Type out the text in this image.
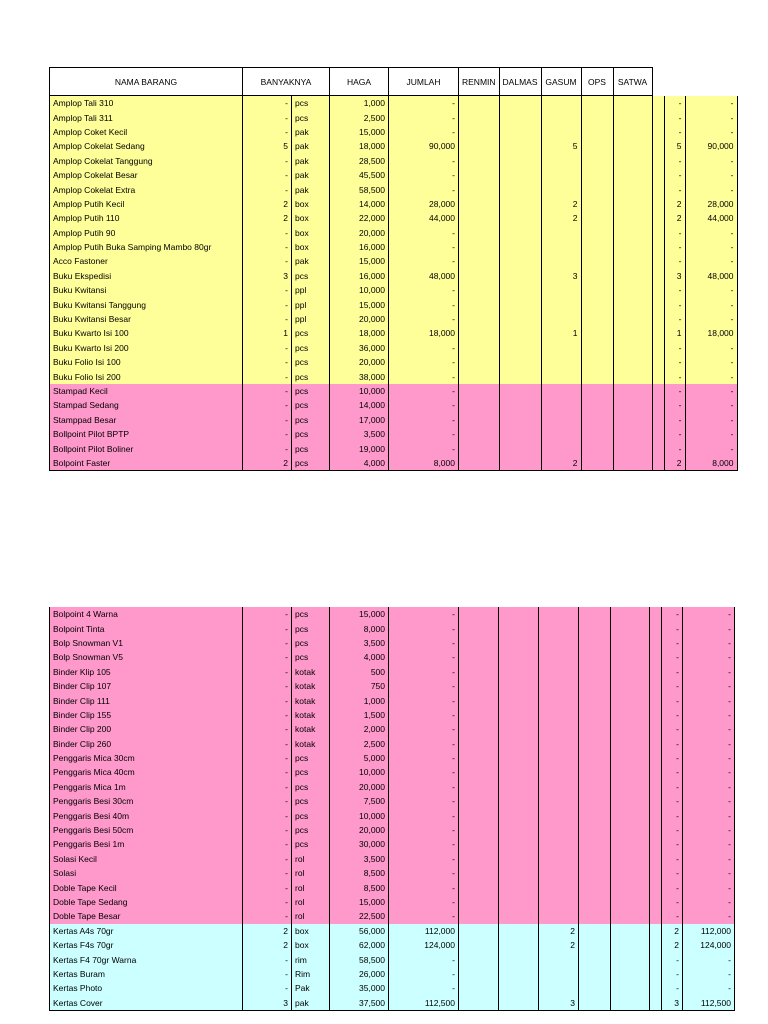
NAMA BARANG	BANYAKNYA		HAGA	JUMLAH	RENMIN	DALMAS	GASUM	OPS	SATWA			
Amplop Tali 310	-	pcs	1,000	-							-	-
Amplop Tali 311	-	pcs	2,500	-							-	-
Amplop Coket Kecil	-	pak	15,000	-							-	-
Amplop Cokelat Sedang	5	pak	18,000	90,000			5				5	90,000
Amplop Cokelat Tanggung	-	pak	28,500	-							-	-
Amplop Cokelat Besar	-	pak	45,500	-							-	-
Amplop Cokelat Extra	-	pak	58,500	-							-	-
Amplop Putih Kecil	2	box	14,000	28,000			2				2	28,000
Amplop Putih 110	2	box	22,000	44,000			2				2	44,000
Amplop Putih 90	-	box	20,000	-							-	-
Amplop Putih Buka Samping Mambo 80gr	-	box	16,000	-							-	-
Acco Fastoner	-	pak	15,000	-							-	-
Buku Ekspedisi	3	pcs	16,000	48,000			3				3	48,000
Buku Kwitansi	-	ppl	10,000	-							-	-
Buku Kwitansi Tanggung	-	ppl	15,000	-							-	-
Buku Kwitansi Besar	-	ppl	20,000	-							-	-
Buku Kwarto Isi 100	1	pcs	18,000	18,000			1				1	18,000
Buku Kwarto Isi 200	-	pcs	36,000	-							-	-
Buku Folio Isi 100	-	pcs	20,000	-							-	-
Buku Folio Isi 200	-	pcs	38,000	-							-	-
Stampad Kecil	-	pcs	10,000	-							-	-
Stampad Sedang	-	pcs	14,000	-							-	-
Stamppad Besar	-	pcs	17,000	-							-	-
Bollpoint Pilot BPTP	-	pcs	3,500	-							-	-
Bollpoint Pilot Boliner	-	pcs	19,000	-							-	-
Bolpoint Faster	2	pcs	4,000	8,000			2				2	8,000
Bolpoint 4 Warna	-	pcs	15,000	-							-	-
Bolpoint Tinta	-	pcs	8,000	-							-	-
Bolp Snowman V1	-	pcs	3,500	-							-	-
Bolp Snowman V5	-	pcs	4,000	-							-	-
Binder Klip 105	-	kotak	500	-							-	-
Binder Clip 107	-	kotak	750	-							-	-
Binder Clip 111	-	kotak	1,000	-							-	-
Binder Clip 155	-	kotak	1,500	-							-	-
Binder Clip 200	-	kotak	2,000	-							-	-
Binder Clip 260	-	kotak	2,500	-							-	-
Penggaris Mica 30cm	-	pcs	5,000	-							-	-
Penggaris Mica 40cm	-	pcs	10,000	-							-	-
Penggaris Mica 1m	-	pcs	20,000	-							-	-
Penggaris Besi 30cm	-	pcs	7,500	-							-	-
Penggaris Besi 40m	-	pcs	10,000	-							-	-
Penggaris Besi 50cm	-	pcs	20,000	-							-	-
Penggaris Besi 1m	-	pcs	30,000	-							-	-
Solasi Kecil	-	rol	3,500	-							-	-
Solasi	-	rol	8,500	-							-	-
Doble Tape Kecil	-	rol	8,500	-							-	-
Doble Tape Sedang	-	rol	15,000	-							-	-
Doble Tape Besar	-	rol	22,500	-							-	-
Kertas A4s 70gr	2	box	56,000	112,000			2				2	112,000
Kertas F4s 70gr	2	box	62,000	124,000			2				2	124,000
Kertas F4 70gr Warna	-	rim	58,500	-							-	-
Kertas Buram	-	Rim	26,000	-							-	-
Kertas Photo	-	Pak	35,000	-							-	-
Kertas Cover	3	pak	37,500	112,500			3				3	112,500
